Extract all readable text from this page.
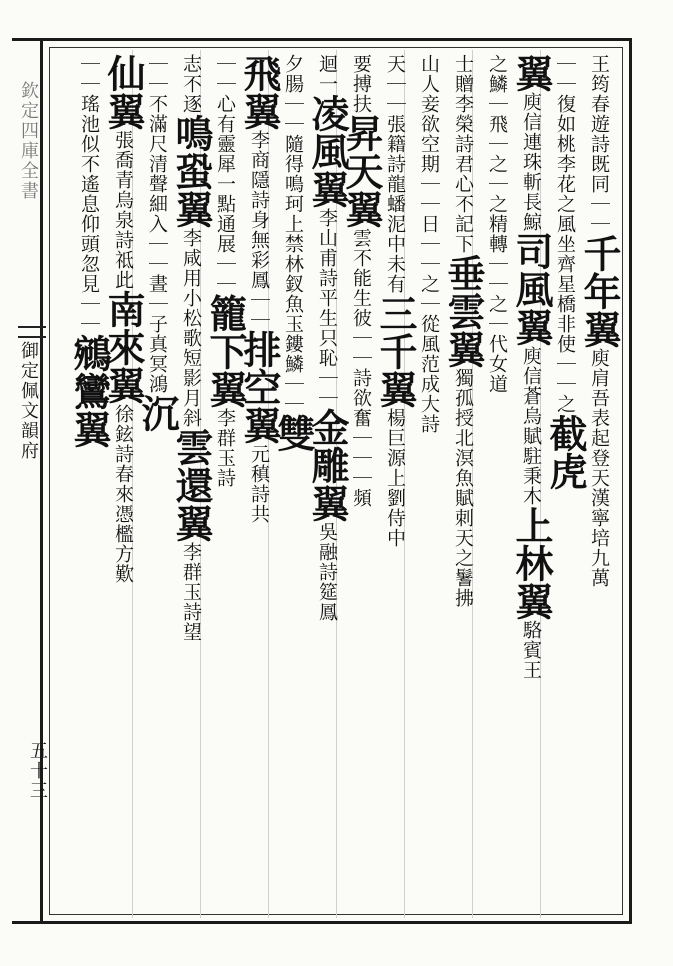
欽定四庫全書
御定佩文韻府
五十三
王筠春遊詩既同｜｜千年翼庾肩吾表起登天漢寧培九萬
｜｜復如桃李花之風坐齊星橋非使｜｜之截虎
翼庾信連珠斬長鯨司風翼庾信蒼烏賦駐秉木上林翼駱賓王
之鱗｜飛｜之｜之精轉｜｜之｜代女道
士贈李榮詩君心不記下垂雲翼獨孤授北溟魚賦刺天之鬐拂
山人妾欲空期｜｜日｜｜之｜從風范成大詩
天｜｜張籍詩龍蟠泥中未有三千翼楊巨源上劉侍中
要搏扶昇天翼雲不能生彼｜｜詩欲奮｜｜｜頻
迴一凌風翼李山甫詩平生只恥｜｜金雕翼吳融詩筵鳳
夕腸｜｜隨得鳴珂上禁林釵魚玉鏤鱗｜｜雙
飛翼李商隱詩身無彩鳳｜｜排空翼元稹詩共
｜｜心有靈犀一點通展｜｜籠下翼李群玉詩
志不逐鳴蛩翼李咸用小松歌短影月斜雲還翼李群玉詩望
｜｜不滿尺清聲細入｜｜晝｜子真冥鴻沉
仙翼張喬青烏泉詩祗此南來翼徐鉉詩春來憑檻方歎
｜｜瑤池似不遙息仰頭忽見｜｜鵷鸞翼
